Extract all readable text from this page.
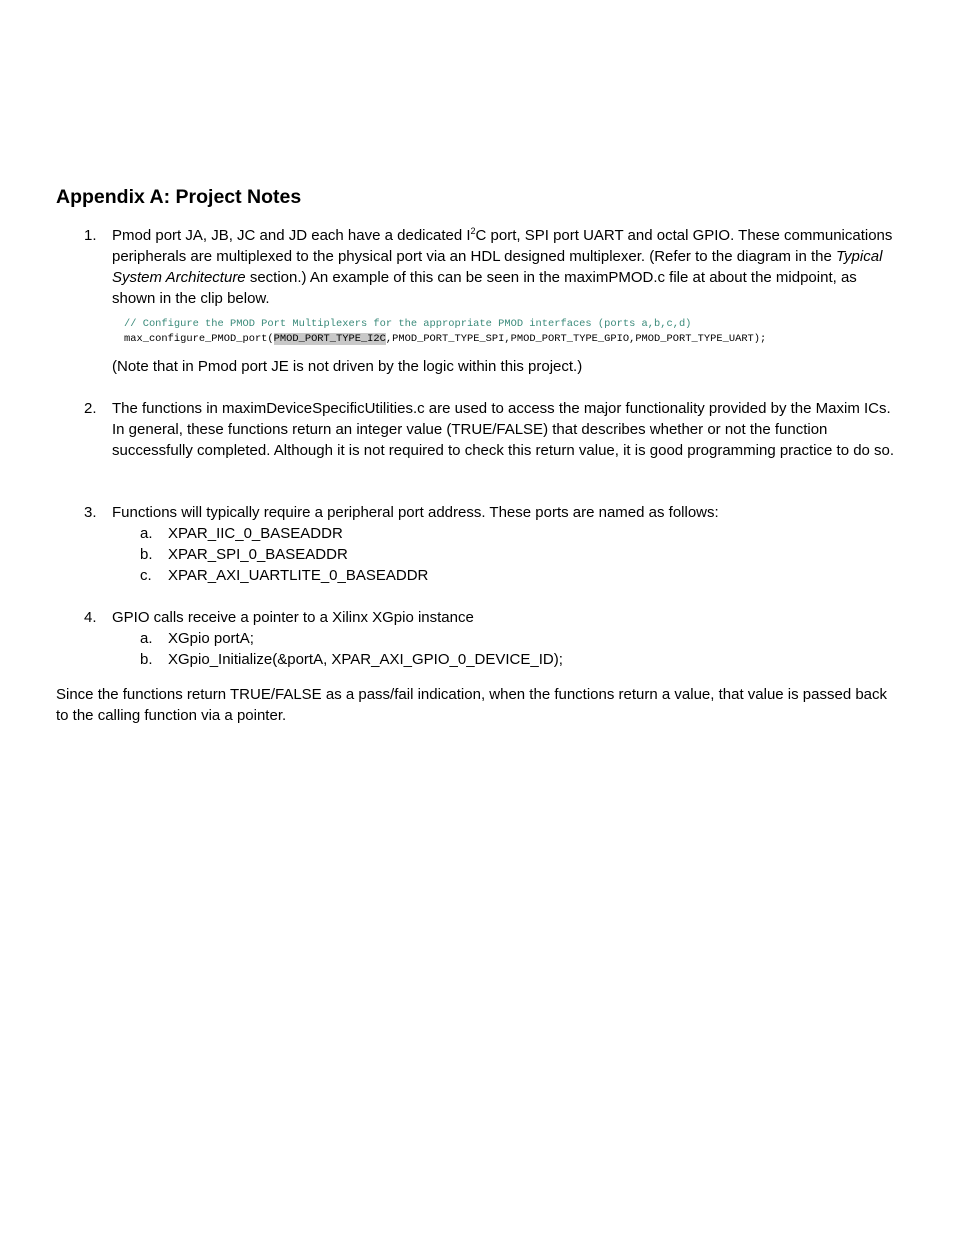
Appendix A: Project Notes
1. Pmod port JA, JB, JC and JD each have a dedicated $I^2C$ port, SPI port UART and octal GPIO. These communications peripherals are multiplexed to the physical port via an HDL designed multiplexer. (Refer to the diagram in the Typical System Architecture section.) An example of this can be seen in the maximPMOD.c file at about the midpoint, as shown in the clip below.

// Configure the PMOD Port Multiplexers for the appropriate PMOD interfaces (ports a,b,c,d)
max_configure_PMOD_port(PMOD_PORT_TYPE_I2C,PMOD_PORT_TYPE_SPI,PMOD_PORT_TYPE_GPIO,PMOD_PORT_TYPE_UART);
(Note that in Pmod port JE is not driven by the logic within this project.)
2. The functions in maximDeviceSpecificUtilities.c are used to access the major functionality provided by the Maxim ICs. In general, these functions return an integer value (TRUE/FALSE) that describes whether or not the function successfully completed. Although it is not required to check this return value, it is good programming practice to do so.

3. Functions will typically require a peripheral port address. These ports are named as follows:

a. XPAR_IIC_0_BASEADDR
b. XPAR_SPI_0_BASEADDR
c. XPAR_AXI_UARTLITE_0_BASEADDR
4. GPIO calls receive a pointer to a Xilinx XGpio instance

a. XGpio portA;
b. XGpio_Initialize(&portA, XPAR_AXI_GPIO_0_DEVICE_ID);

Since the functions return TRUE/FALSE as a pass/fail indication, when the functions return a value, that value is passed back to the calling function via a pointer.
